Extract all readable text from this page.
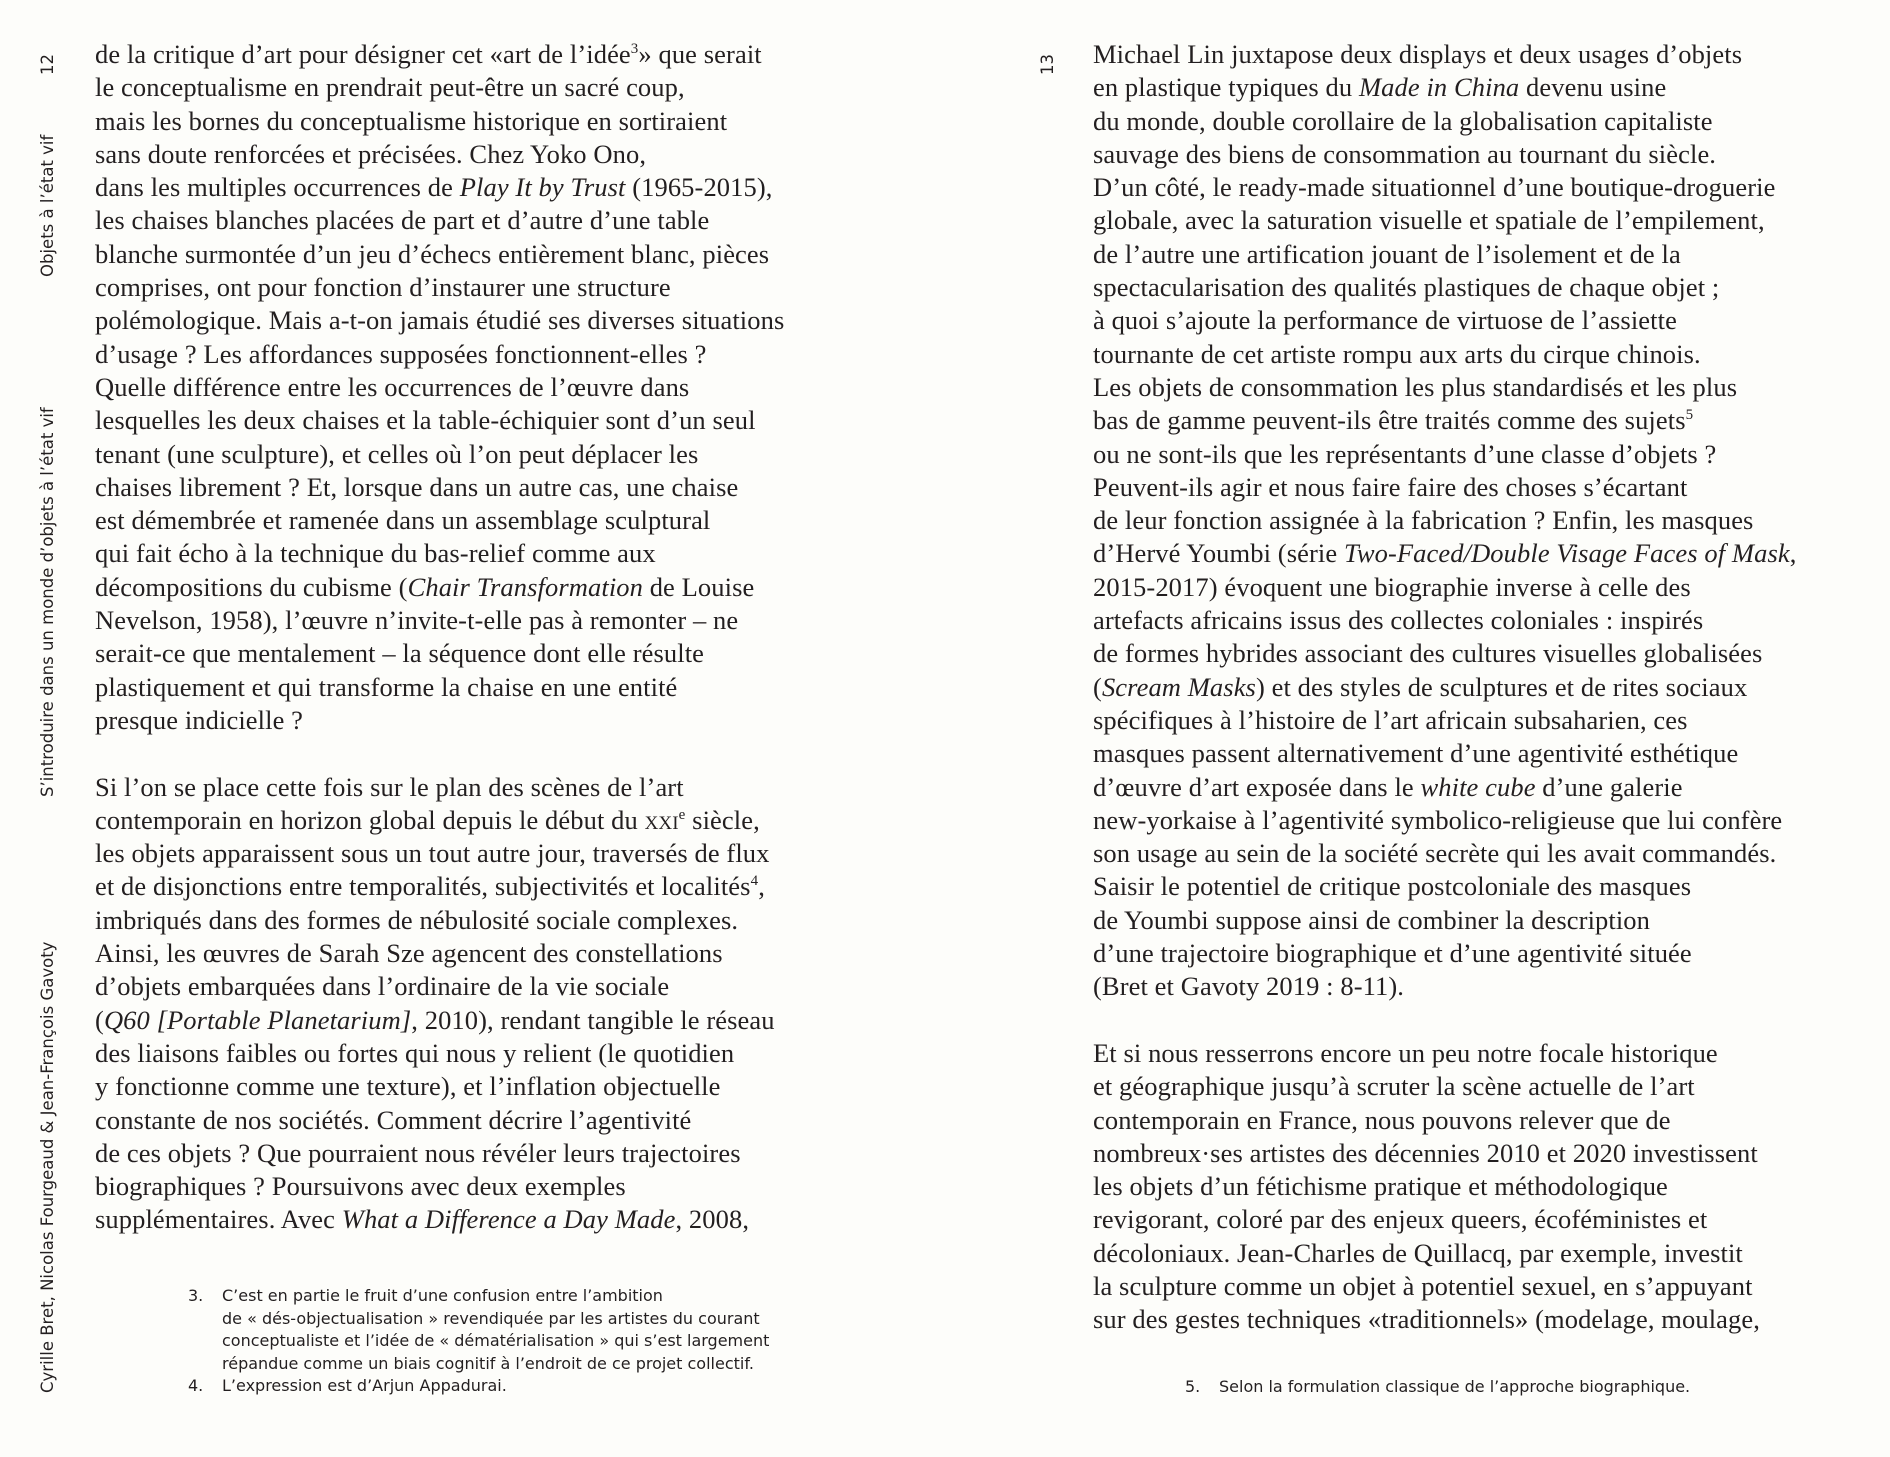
12
Objets à l’état vif
S’introduire dans un monde d’objets à l’état vif
Cyrille Bret, Nicolas Fourgeaud & Jean-François Gavoty
de la critique d’art pour désigner cet «art de l’idée$^3$» que serait
le conceptualisme en prendrait peut-être un sacré coup,
mais les bornes du conceptualisme historique en sortiraient
sans doute renforcées et précisées. Chez Yoko Ono,
dans les multiples occurrences de Play It by Trust (1965-2015),
les chaises blanches placées de part et d’autre d’une table
blanche surmontée d’un jeu d’échecs entièrement blanc, pièces
comprises, ont pour fonction d’instaurer une structure
polémologique. Mais a-t-on jamais étudié ses diverses situations
d’usage ? Les affordances supposées fonctionnent-elles ?
Quelle différence entre les occurrences de l’œuvre dans
lesquelles les deux chaises et la table-échiquier sont d’un seul
tenant (une sculpture), et celles où l’on peut déplacer les
chaises librement ? Et, lorsque dans un autre cas, une chaise
est démembrée et ramenée dans un assemblage sculptural
qui fait écho à la technique du bas-relief comme aux
décompositions du cubisme (Chair Transformation de Louise
Nevelson, 1958), l’œuvre n’invite-t-elle pas à remonter – ne
serait-ce que mentalement – la séquence dont elle résulte
plastiquement et qui transforme la chaise en une entité
presque indicielle ?
Si l’on se place cette fois sur le plan des scènes de l’art
contemporain en horizon global depuis le début du xxi$^e$ siècle,
les objets apparaissent sous un tout autre jour, traversés de flux
et de disjonctions entre temporalités, subjectivités et localités$^4$,
imbriqués dans des formes de nébulosité sociale complexes.
Ainsi, les œuvres de Sarah Sze agencent des constellations
d’objets embarquées dans l’ordinaire de la vie sociale
(Q60 [Portable Planetarium], 2010), rendant tangible le réseau
des liaisons faibles ou fortes qui nous y relient (le quotidien
y fonctionne comme une texture), et l’inflation objectuelle
constante de nos sociétés. Comment décrire l’agentivité
de ces objets ? Que pourraient nous révéler leurs trajectoires
biographiques ? Poursuivons avec deux exemples
supplémentaires. Avec What a Difference a Day Made, 2008,
3.	C’est en partie le fruit d’une confusion entre l’ambition
de « dés-objectualisation » revendiquée par les artistes du courant
conceptualiste et l’idée de « dématérialisation » qui s’est largement
répandue comme un biais cognitif à l’endroit de ce projet collectif.
4.	L’expression est d’Arjun Appadurai.
13 Michael Lin juxtapose deux displays et deux usages d’objets
en plastique typiques du Made in China devenu usine
du monde, double corollaire de la globalisation capitaliste
sauvage des biens de consommation au tournant du siècle.
D’un côté, le ready-made situationnel d’une boutique-droguerie
globale, avec la saturation visuelle et spatiale de l’empilement,
de l’autre une artification jouant de l’isolement et de la
spectacularisation des qualités plastiques de chaque objet ;
à quoi s’ajoute la performance de virtuose de l’assiette
tournante de cet artiste rompu aux arts du cirque chinois.
Les objets de consommation les plus standardisés et les plus
bas de gamme peuvent-ils être traités comme des sujets$^5$
ou ne sont-ils que les représentants d’une classe d’objets ?
Peuvent-ils agir et nous faire faire des choses s’écartant
de leur fonction assignée à la fabrication ? Enfin, les masques
d’Hervé Youmbi (série Two-Faced/Double Visage Faces of Mask,
2015-2017) évoquent une biographie inverse à celle des
artefacts africains issus des collectes coloniales : inspirés
de formes hybrides associant des cultures visuelles globalisées
(Scream Masks) et des styles de sculptures et de rites sociaux
spécifiques à l’histoire de l’art africain subsaharien, ces
masques passent alternativement d’une agentivité esthétique
d’œuvre d’art exposée dans le white cube d’une galerie
new-yorkaise à l’agentivité symbolico-religieuse que lui confère
son usage au sein de la société secrète qui les avait commandés.
Saisir le potentiel de critique postcoloniale des masques
de Youmbi suppose ainsi de combiner la description
d’une trajectoire biographique et d’une agentivité située
(Bret et Gavoty 2019 : 8-11).
Et si nous resserrons encore un peu notre focale historique
et géographique jusqu’à scruter la scène actuelle de l’art
contemporain en France, nous pouvons relever que de
nombreux·ses artistes des décennies 2010 et 2020 investissent
les objets d’un fétichisme pratique et méthodologique
revigorant, coloré par des enjeux queers, écoféministes et
décoloniaux. Jean-Charles de Quillacq, par exemple, investit
la sculpture comme un objet à potentiel sexuel, en s’appuyant
sur des gestes techniques «traditionnels» (modelage, moulage,
5.	Selon la formulation classique de l’approche biographique.
